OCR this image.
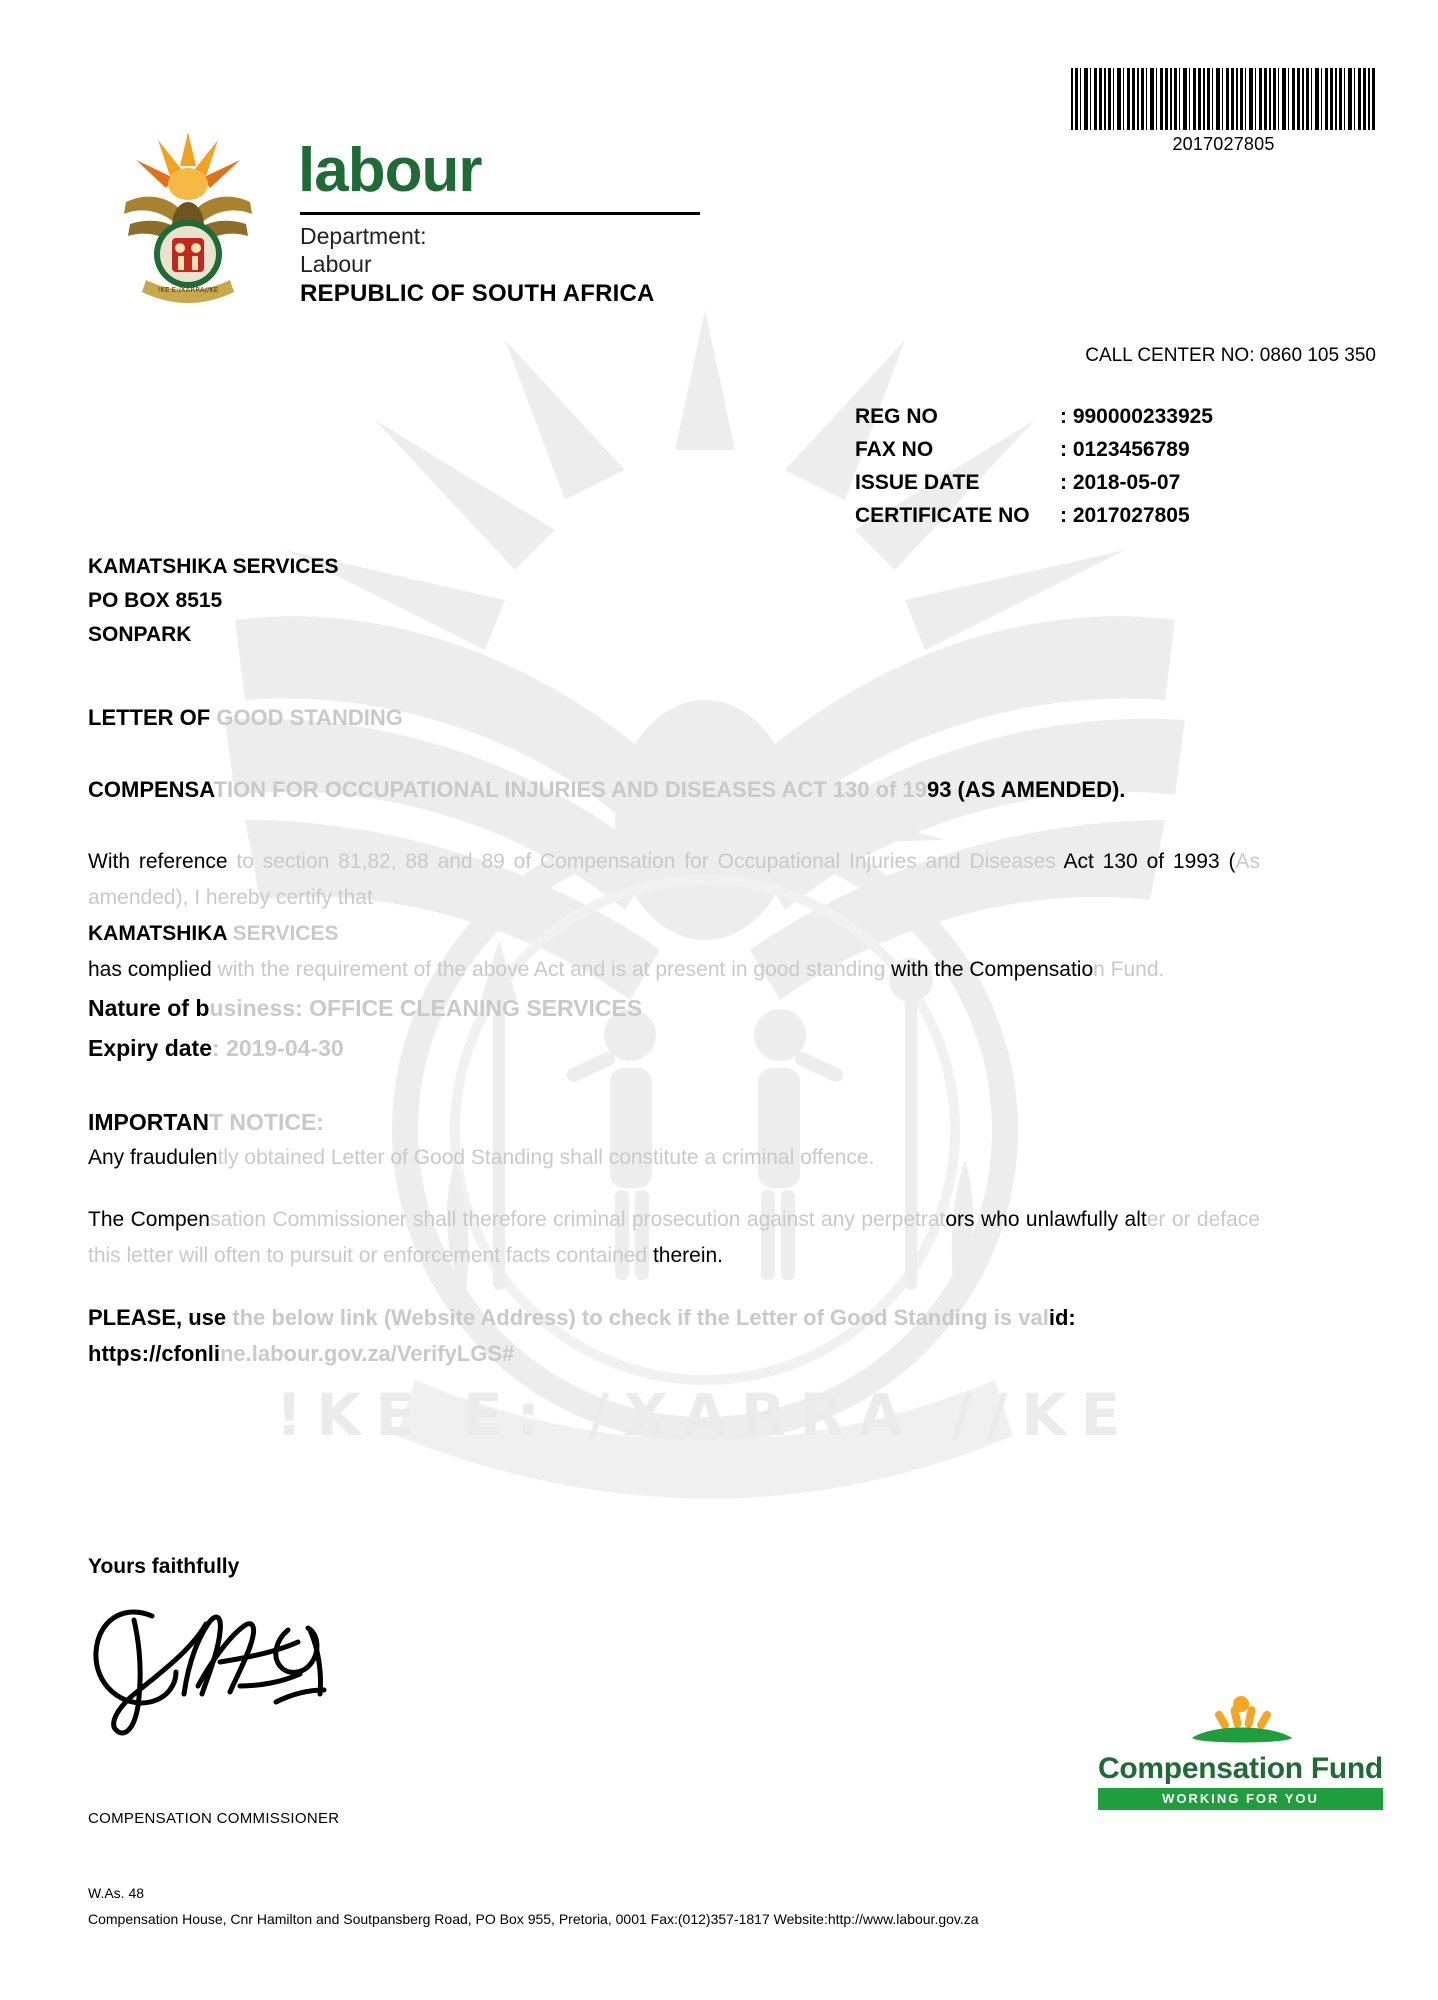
!KE E: /XARRA //KE
2017027805
!KE E:/XARRA//KE
labour
Department:
Labour
REPUBLIC OF SOUTH AFRICA
CALL CENTER NO: 0860 105 350
REG NO	: 990000233925
FAX NO	: 0123456789
ISSUE DATE	: 2018-05-07
CERTIFICATE NO	: 2017027805
KAMATSHIKA SERVICES
PO BOX 8515
SONPARK
LETTER OF GOOD STANDING
COMPENSATION FOR OCCUPATIONAL INJURIES AND DISEASES ACT 130 of 1993 (AS AMENDED).
With reference to section 81,82, 88 and 89 of Compensation for Occupational Injuries and Diseases Act 130 of 1993 (As amended), I hereby certify that
KAMATSHIKA SERVICES
has complied with the requirement of the above Act and is at present in good standing with the Compensation Fund.
Nature of business: OFFICE CLEANING SERVICES
Expiry date: 2019-04-30
IMPORTANT NOTICE:
Any fraudulently obtained Letter of Good Standing shall constitute a criminal offence.
The Compensation Commissioner shall therefore criminal prosecution against any perpetrators who unlawfully alter or deface this letter will often to pursuit or enforcement facts contained therein.
PLEASE, use the below link (Website Address) to check if the Letter of Good Standing is valid:
https://cfonline.labour.gov.za/VerifyLGS#
Yours faithfully
COMPENSATION COMMISSIONER
Compensation Fund
WORKING FOR YOU
W.As. 48
Compensation House, Cnr Hamilton and Soutpansberg Road, PO Box 955, Pretoria, 0001 Fax:(012)357-1817 Website:http://www.labour.gov.za
